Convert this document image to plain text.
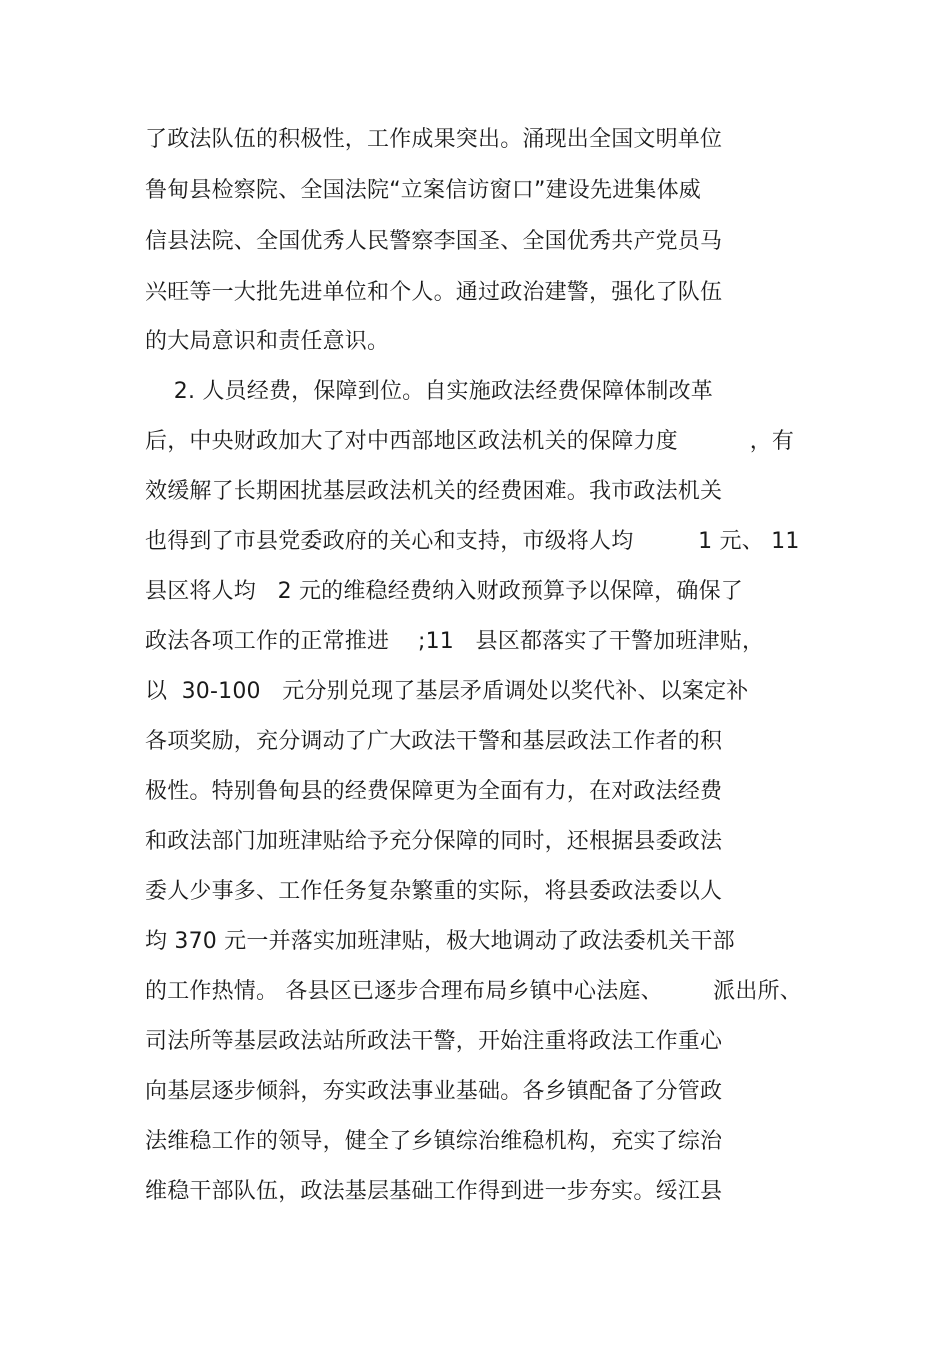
了政法队伍的积极性，工作成果突出。涌现出全国文明单位
鲁甸县检察院、全国法院“立案信访窗口”建设先进集体威
信县法院、全国优秀人民警察李国圣、全国优秀共产党员马
兴旺等一大批先进单位和个人。通过政治建警，强化了队伍
的大局意识和责任意识。
2. 人员经费，保障到位。自实施政法经费保障体制改革
后，中央财政加大了对中西部地区政法机关的保障力度          ，有
效缓解了长期困扰基层政法机关的经费困难。我市政法机关
也得到了市县党委政府的关心和支持，市级将人均         1 元、 11
县区将人均   2 元的维稳经费纳入财政预算予以保障，确保了
政法各项工作的正常推进    ;11   县区都落实了干警加班津贴，
以  30-100   元分别兑现了基层矛盾调处以奖代补、以案定补
各项奖励，充分调动了广大政法干警和基层政法工作者的积
极性。特别鲁甸县的经费保障更为全面有力，在对政法经费
和政法部门加班津贴给予充分保障的同时，还根据县委政法
委人少事多、工作任务复杂繁重的实际，将县委政法委以人
均 370 元一并落实加班津贴，极大地调动了政法委机关干部
的工作热情。 各县区已逐步合理布局乡镇中心法庭、       派出所、
司法所等基层政法站所政法干警，开始注重将政法工作重心
向基层逐步倾斜，夯实政法事业基础。各乡镇配备了分管政
法维稳工作的领导，健全了乡镇综治维稳机构，充实了综治
维稳干部队伍，政法基层基础工作得到进一步夯实。绥江县
